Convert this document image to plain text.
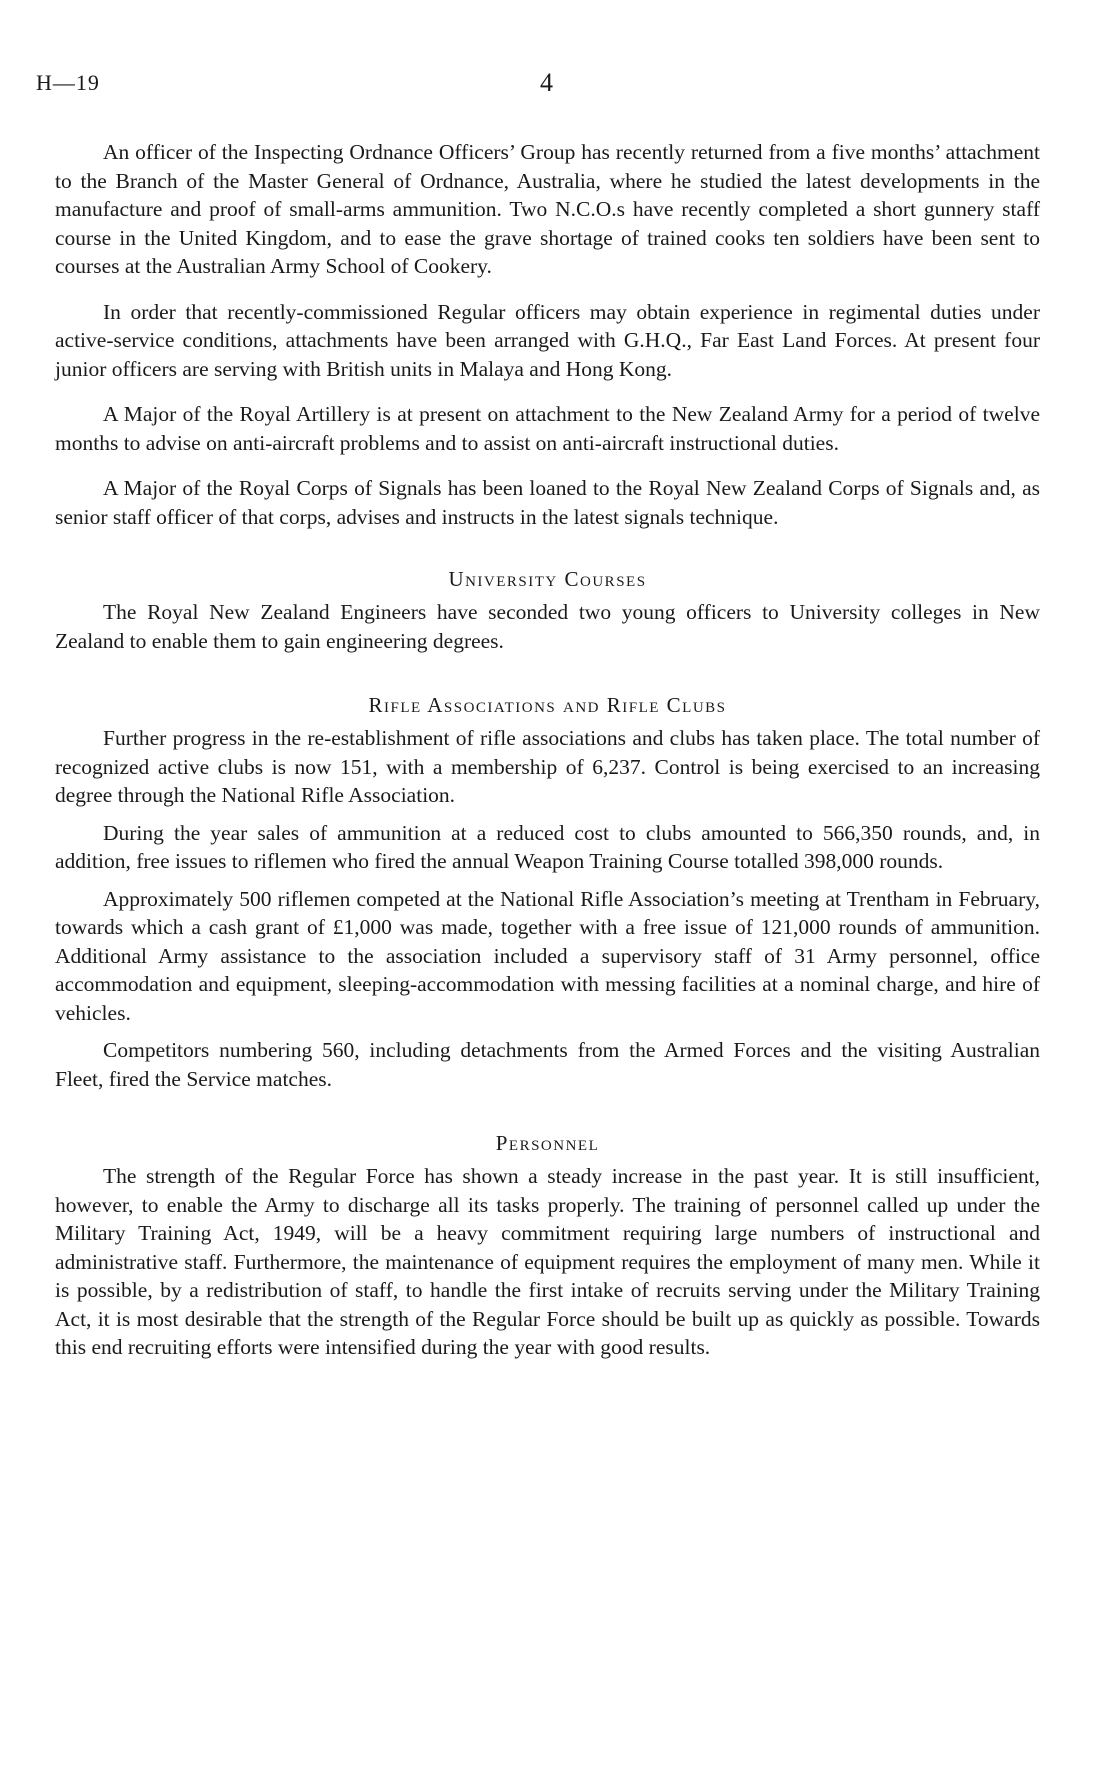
H—19	4

An officer of the Inspecting Ordnance Officers’ Group has recently returned from a five months’ attachment to the Branch of the Master General of Ordnance, Australia, where he studied the latest developments in the manufacture and proof of small-arms ammunition. Two N.C.O.s have recently completed a short gunnery staff course in the United Kingdom, and to ease the grave shortage of trained cooks ten soldiers have been sent to courses at the Australian Army School of Cookery.

In order that recently-commissioned Regular officers may obtain experience in regimental duties under active-service conditions, attachments have been arranged with G.H.Q., Far East Land Forces. At present four junior officers are serving with British units in Malaya and Hong Kong.

A Major of the Royal Artillery is at present on attachment to the New Zealand Army for a period of twelve months to advise on anti-aircraft problems and to assist on anti-aircraft instructional duties.

A Major of the Royal Corps of Signals has been loaned to the Royal New Zealand Corps of Signals and, as senior staff officer of that corps, advises and instructs in the latest signals technique.

University Courses

The Royal New Zealand Engineers have seconded two young officers to University colleges in New Zealand to enable them to gain engineering degrees.

Rifle Associations and Rifle Clubs

Further progress in the re-establishment of rifle associations and clubs has taken place. The total number of recognized active clubs is now 151, with a membership of 6,237. Control is being exercised to an increasing degree through the National Rifle Association.

During the year sales of ammunition at a reduced cost to clubs amounted to 566,350 rounds, and, in addition, free issues to riflemen who fired the annual Weapon Training Course totalled 398,000 rounds.

Approximately 500 riflemen competed at the National Rifle Association’s meeting at Trentham in February, towards which a cash grant of £1,000 was made, together with a free issue of 121,000 rounds of ammunition. Additional Army assistance to the association included a supervisory staff of 31 Army personnel, office accommodation and equipment, sleeping-accommodation with messing facilities at a nominal charge, and hire of vehicles.

Competitors numbering 560, including detachments from the Armed Forces and the visiting Australian Fleet, fired the Service matches.

Personnel

The strength of the Regular Force has shown a steady increase in the past year. It is still insufficient, however, to enable the Army to discharge all its tasks properly. The training of personnel called up under the Military Training Act, 1949, will be a heavy commitment requiring large numbers of instructional and administrative staff. Furthermore, the maintenance of equipment requires the employment of many men. While it is possible, by a redistribution of staff, to handle the first intake of recruits serving under the Military Training Act, it is most desirable that the strength of the Regular Force should be built up as quickly as possible. Towards this end recruiting efforts were intensified during the year with good results.
